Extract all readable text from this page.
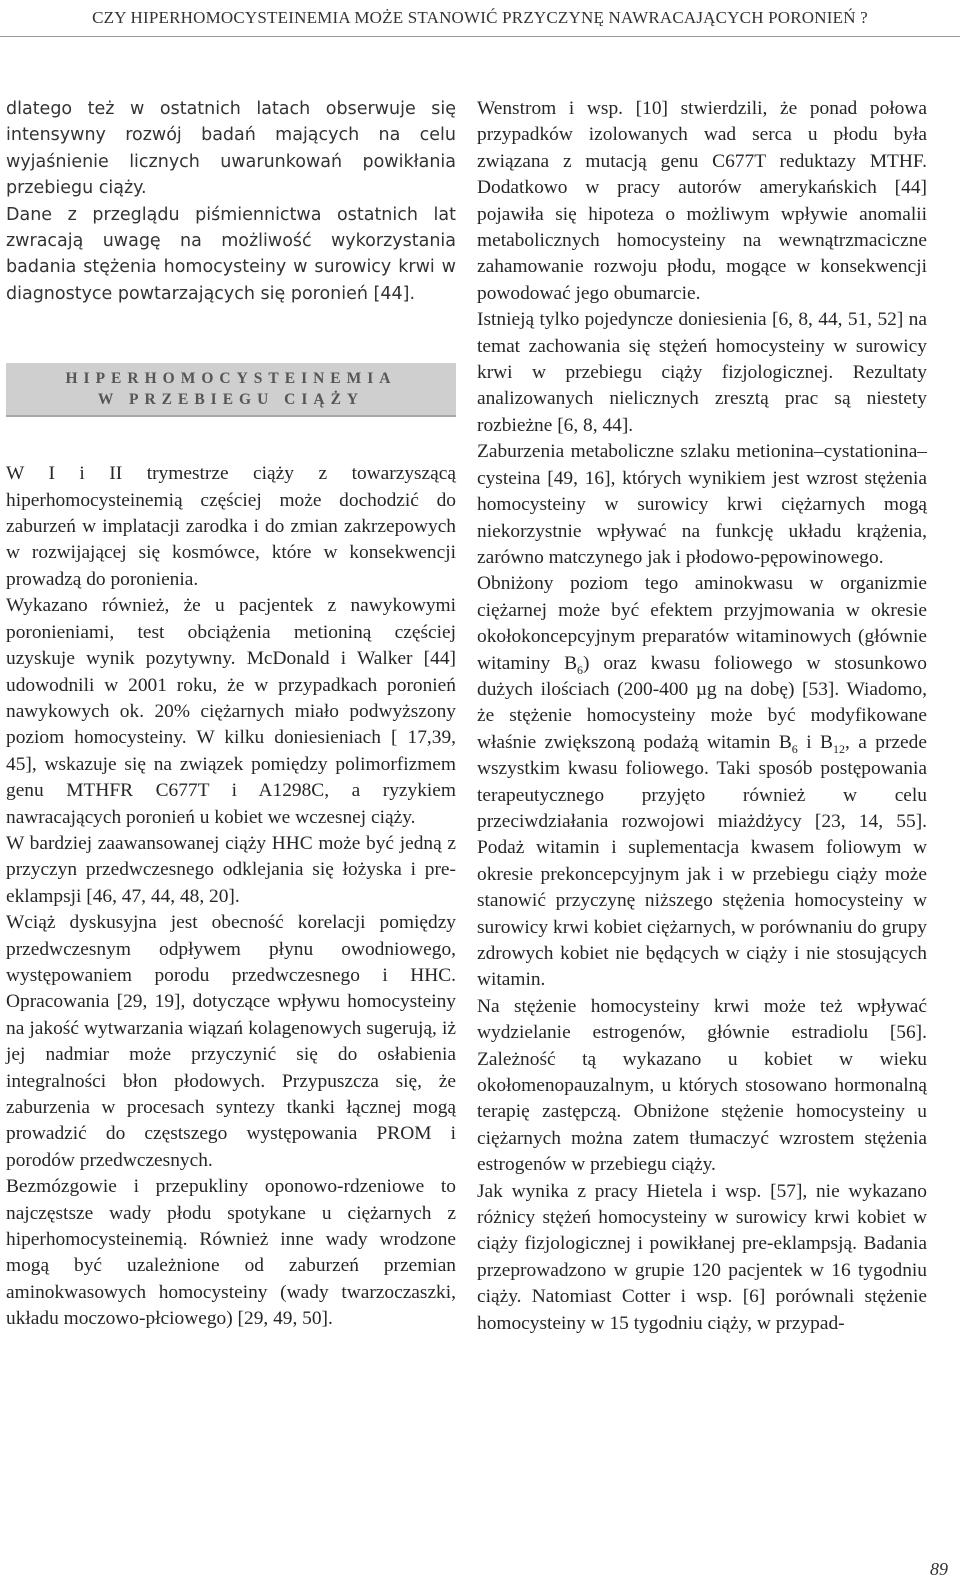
CZY HIPERHOMOCYSTEINEMIA MOŻE STANOWIĆ PRZYCZYNĘ NAWRACAJĄCYCH PORONIEŃ ?

dlatego też w ostatnich latach obserwuje się intensywny rozwój badań mających na celu wyjaśnienie licznych uwarunkowań powikłania przebiegu ciąży.

Dane z przeglądu piśmiennictwa ostatnich lat zwracają uwagę na możliwość wykorzystania badania stężenia homocysteiny w surowicy krwi w diagnostyce powtarzających się poronień [44].

HIPERHOMOCYSTEINEMIA
W PRZEBIEGU CIĄŻY

W I i II trymestrze ciąży z towarzyszącą hiperhomocysteinemią częściej może dochodzić do zaburzeń w implatacji zarodka i do zmian zakrzepowych w rozwijającej się kosmówce, które w konsekwencji prowadzą do poronienia.

Wykazano również, że u pacjentek z nawykowymi poronieniami, test obciążenia metioniną częściej uzyskuje wynik pozytywny. McDonald i Walker [44] udowodnili w 2001 roku, że w przypadkach poronień nawykowych ok. 20% ciężarnych miało podwyższony poziom homocysteiny. W kilku doniesieniach [ 17,39, 45], wskazuje się na związek pomiędzy polimorfizmem genu MTHFR C677T i A1298C, a ryzykiem nawracających poronień u kobiet we wczesnej ciąży.

W bardziej zaawansowanej ciąży HHC może być jedną z przyczyn przedwczesnego odklejania się łożyska i pre-eklampsji [46, 47, 44, 48, 20].

Wciąż dyskusyjna jest obecność korelacji pomiędzy przedwczesnym odpływem płynu owodniowego, występowaniem porodu przedwczesnego i HHC. Opracowania [29, 19], dotyczące wpływu homocysteiny na jakość wytwarzania wiązań kolagenowych sugerują, iż jej nadmiar może przyczynić się do osłabienia integralności błon płodowych. Przypuszcza się, że zaburzenia w procesach syntezy tkanki łącznej mogą prowadzić do częstszego występowania PROM i porodów przedwczesnych.

Bezmózgowie i przepukliny oponowo-rdzeniowe to najczęstsze wady płodu spotykane u ciężarnych z hiperhomocysteinemią. Również inne wady wrodzone mogą być uzależnione od zaburzeń przemian aminokwasowych homocysteiny (wady twarzoczaszki, układu moczowo-płciowego) [29, 49, 50].

Wenstrom i wsp. [10] stwierdzili, że ponad połowa przypadków izolowanych wad serca u płodu była związana z mutacją genu C677T reduktazy MTHF. Dodatkowo w pracy autorów amerykańskich [44] pojawiła się hipoteza o możliwym wpływie anomalii metabolicznych homocysteiny na wewnątrzmaciczne zahamowanie rozwoju płodu, mogące w konsekwencji powodować jego obumarcie.

Istnieją tylko pojedyncze doniesienia [6, 8, 44, 51, 52] na temat zachowania się stężeń homocysteiny w surowicy krwi w przebiegu ciąży fizjologicznej. Rezultaty analizowanych nielicznych zresztą prac są niestety rozbieżne [6, 8, 44].

Zaburzenia metaboliczne szlaku metionina–cystationina–cysteina [49, 16], których wynikiem jest wzrost stężenia homocysteiny w surowicy krwi ciężarnych mogą niekorzystnie wpływać na funkcję układu krążenia, zarówno matczynego jak i płodowo-pępowinowego.

Obniżony poziom tego aminokwasu w organizmie ciężarnej może być efektem przyjmowania w okresie okołokoncepcyjnym preparatów witaminowych (głównie witaminy $B_6$) oraz kwasu foliowego w stosunkowo dużych ilościach (200-400 µg na dobę) [53]. Wiadomo, że stężenie homocysteiny może być modyfikowane właśnie zwiększoną podażą witamin $B_6$ i $B_{12}$, a przede wszystkim kwasu foliowego. Taki sposób postępowania terapeutycznego przyjęto również w celu przeciwdziałania rozwojowi miażdżycy [23, 14, 55]. Podaż witamin i suplementacja kwasem foliowym w okresie prekoncepcyjnym jak i w przebiegu ciąży może stanowić przyczynę niższego stężenia homocysteiny w surowicy krwi kobiet ciężarnych, w porównaniu do grupy zdrowych kobiet nie będących w ciąży i nie stosujących witamin.

Na stężenie homocysteiny krwi może też wpływać wydzielanie estrogenów, głównie estradiolu [56]. Zależność tą wykazano u kobiet w wieku okołomenopauzalnym, u których stosowano hormonalną terapię zastępczą. Obniżone stężenie homocysteiny u ciężarnych można zatem tłumaczyć wzrostem stężenia estrogenów w przebiegu ciąży.

Jak wynika z pracy Hietela i wsp. [57], nie wykazano różnicy stężeń homocysteiny w surowicy krwi kobiet w ciąży fizjologicznej i powikłanej pre-eklampsją. Badania przeprowadzono w grupie 120 pacjentek w 16 tygodniu ciąży. Natomiast Cotter i wsp. [6] porównali stężenie homocysteiny w 15 tygodniu ciąży, w przypad-

89
